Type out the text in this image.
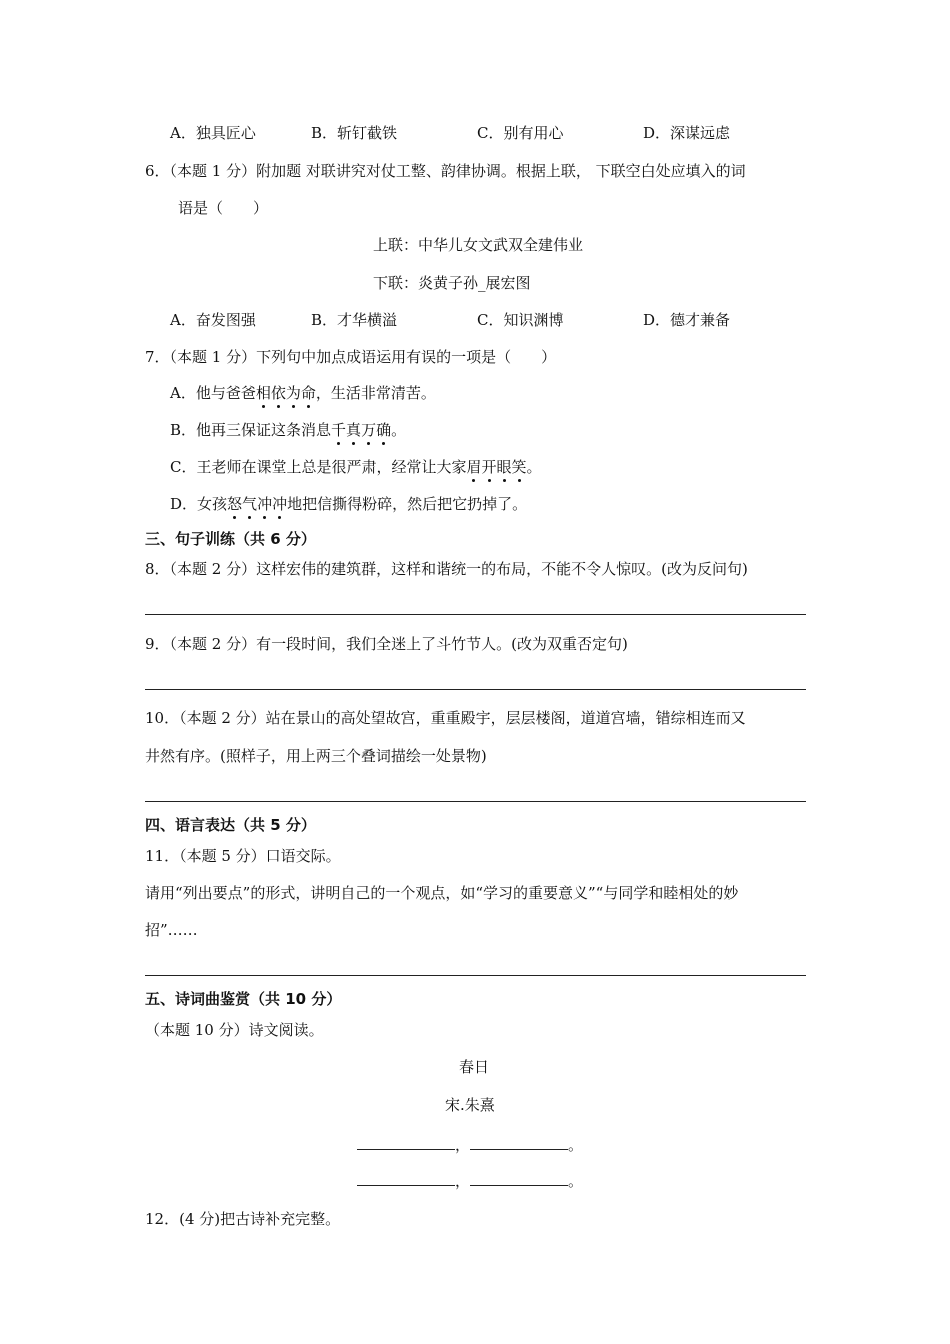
A．独具匠心	B．斩钉截铁	C．别有用心	D．深谋远虑
6．（本题 1 分）附加题 对联讲究对仗工整、韵律协调。根据上联， 下联空白处应填入的词
语是（　　）
上联：中华儿女文武双全建伟业
下联：炎黄子孙_展宏图
A．奋发图强	B．才华横溢	C．知识渊博	D．德才兼备
7．（本题 1 分）下列句中加点成语运用有误的一项是（　　）
A．他与爸爸相依为命，生活非常清苦。
B．他再三保证这条消息千真万确。
C．王老师在课堂上总是很严肃，经常让大家眉开眼笑。
D．女孩怒气冲冲地把信撕得粉碎，然后把它扔掉了。
三、句子训练（共 6 分）
8．（本题 2 分）这样宏伟的建筑群，这样和谐统一的布局，不能不令人惊叹。(改为反问句)
9．（本题 2 分）有一段时间，我们全迷上了斗竹节人。(改为双重否定句)
10．（本题 2 分）站在景山的高处望故宫，重重殿宇，层层楼阁，道道宫墙，错综相连而又
井然有序。(照样子，用上两三个叠词描绘一处景物)
四、语言表达（共 5 分）
11．（本题 5 分）口语交际。
请用“列出要点”的形式，讲明自己的一个观点，如“学习的重要意义”“与同学和睦相处的妙
招”……
五、诗词曲鉴赏（共 10 分）
（本题 10 分）诗文阅读。
春日
宋.朱熹
，	。
，	。
12．(4 分)把古诗补充完整。
